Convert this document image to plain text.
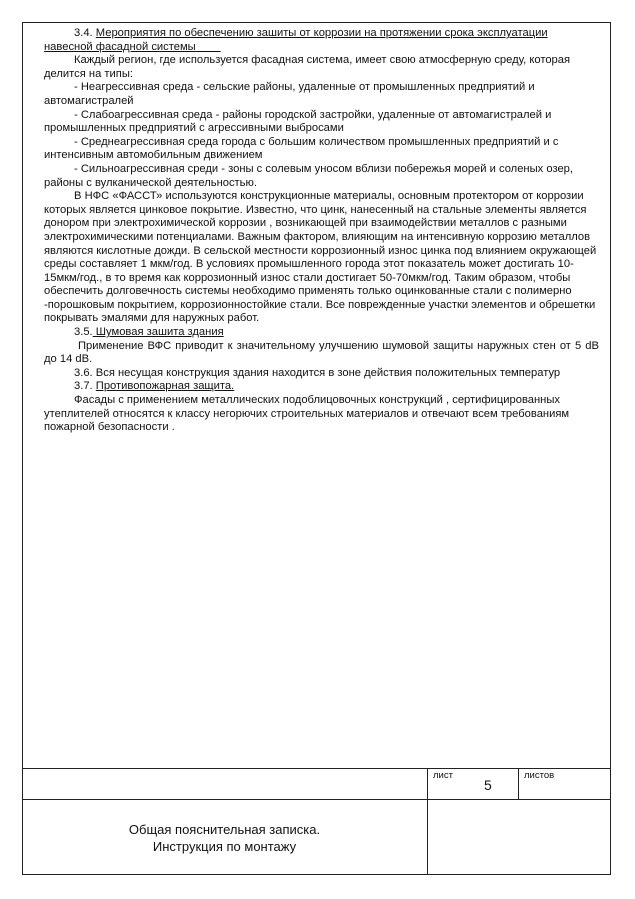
3.4. Мероприятия по обеспечению зашиты от коррозии на протяжении срока эксплуатации навесной фасадной системы

Каждый регион, где используется фасадная система, имеет свою атмосферную среду, которая делится на типы:

- Неагрессивная среда - сельские районы, удаленные от промышленных предприятий и автомагистралей

- Слабоагрессивная среда - районы городской застройки, удаленные от автомагистралей и промышленных предприятий с агрессивными выбросами

- Среднеагрессивная среда города с большим количеством промышленных предприятий и с интенсивным автомобильным движением

- Сильноагрессивная среди - зоны с солевым уносом вблизи побережья морей и соленых озер, районы с вулканической деятельностью.

В НФС «ФАССТ» используются конструкционные материалы, основным протектором от коррозии которых является цинковое покрытие. Известно, что цинк, нанесенный на стальные элементы является донором при электрохимической коррозии , возникающей при взаимодействии металлов с разными электрохимическими потенциалами. Важным фактором, влияющим на интенсивную коррозию металлов являются кислотные дожди. В сельской местности коррозионный износ цинка под влиянием окружающей среды составляет 1 мкм/год. В условиях промышленного города этот показатель может достигать 10-15мкм/год., в то время как коррозионный износ стали достигает 50-70мкм/год. Таким образом, чтобы обеспечить долговечность системы необходимо применять только оцинкованные стали с полимерно -порошковым покрытием, коррозионностойкие стали. Все поврежденные участки элементов и обрешетки покрывать эмалями для наружных работ.

3.5. Шумовая зашита здания

Применение ВФС приводит к значительному улучшению шумовой защиты наружных стен от 5 dB до 14 dB.

3.6. Вся несущая конструкция здания находится в зоне действия положительных температур

3.7. Противопожарная защита.

Фасады с применением металлических подоблицовочных конструкций , сертифицированных утеплителей относятся к классу негорючих строительных материалов и отвечают всем требованиям пожарной безопасности .

лист
5
листов
Общая пояснительная записка.
Инструкция по монтажу
